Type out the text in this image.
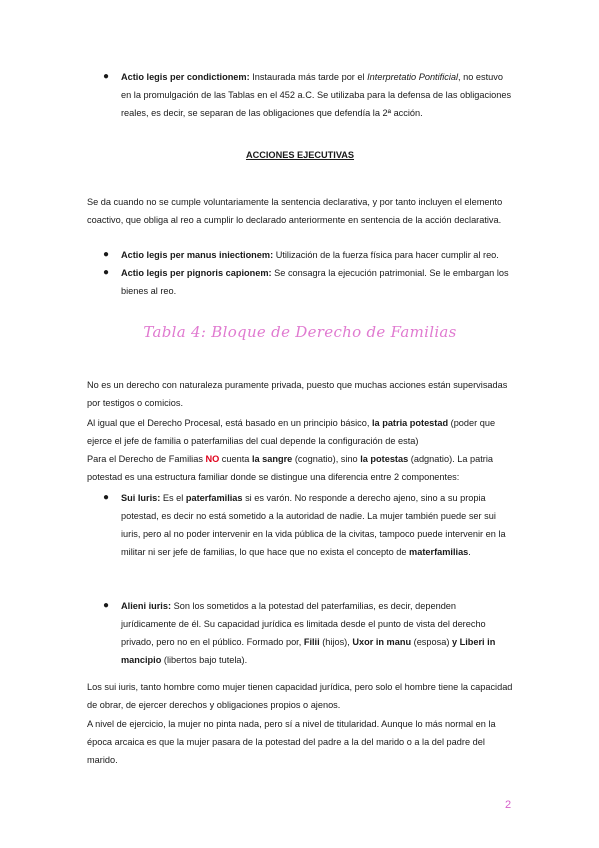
● Actio legis per condictionem: Instaurada más tarde por el Interpretatio Pontificial, no estuvo en la promulgación de las Tablas en el 452 a.C. Se utilizaba para la defensa de las obligaciones reales, es decir, se separan de las obligaciones que defendía la 2ª acción.

ACCIONES EJECUTIVAS

Se da cuando no se cumple voluntariamente la sentencia declarativa, y por tanto incluyen el elemento coactivo, que obliga al reo a cumplir lo declarado anteriormente en sentencia de la acción declarativa.

● Actio legis per manus iniectionem: Utilización de la fuerza física para hacer cumplir al reo.

● Actio legis per pignoris capionem: Se consagra la ejecución patrimonial. Se le embargan los bienes al reo.

Tabla 4: Bloque de Derecho de Familias

No es un derecho con naturaleza puramente privada, puesto que muchas acciones están supervisadas por testigos o comicios.

Al igual que el Derecho Procesal, está basado en un principio básico, la patria potestad (poder que ejerce el jefe de familia o paterfamilias del cual depende la configuración de esta)

Para el Derecho de Familias NO cuenta la sangre (cognatio), sino la potestas (adgnatio). La patria potestad es una estructura familiar donde se distingue una diferencia entre 2 componentes:

● Sui Iuris: Es el paterfamilias si es varón. No responde a derecho ajeno, sino a su propia potestad, es decir no está sometido a la autoridad de nadie. La mujer también puede ser sui iuris, pero al no poder intervenir en la vida pública de la civitas, tampoco puede intervenir en la militar ni ser jefe de familias, lo que hace que no exista el concepto de materfamilias.

● Alieni iuris: Son los sometidos a la potestad del paterfamilias, es decir, dependen jurídicamente de él. Su capacidad jurídica es limitada desde el punto de vista del derecho privado, pero no en el público. Formado por, Filii (hijos), Uxor in manu (esposa) y Liberi in mancipio (libertos bajo tutela).

Los sui iuris, tanto hombre como mujer tienen capacidad jurídica, pero solo el hombre tiene la capacidad de obrar, de ejercer derechos y obligaciones propios o ajenos.

A nivel de ejercicio, la mujer no pinta nada, pero sí a nivel de titularidad. Aunque lo más normal en la época arcaica es que la mujer pasara de la potestad del padre a la del marido o a la del padre del marido.

2
